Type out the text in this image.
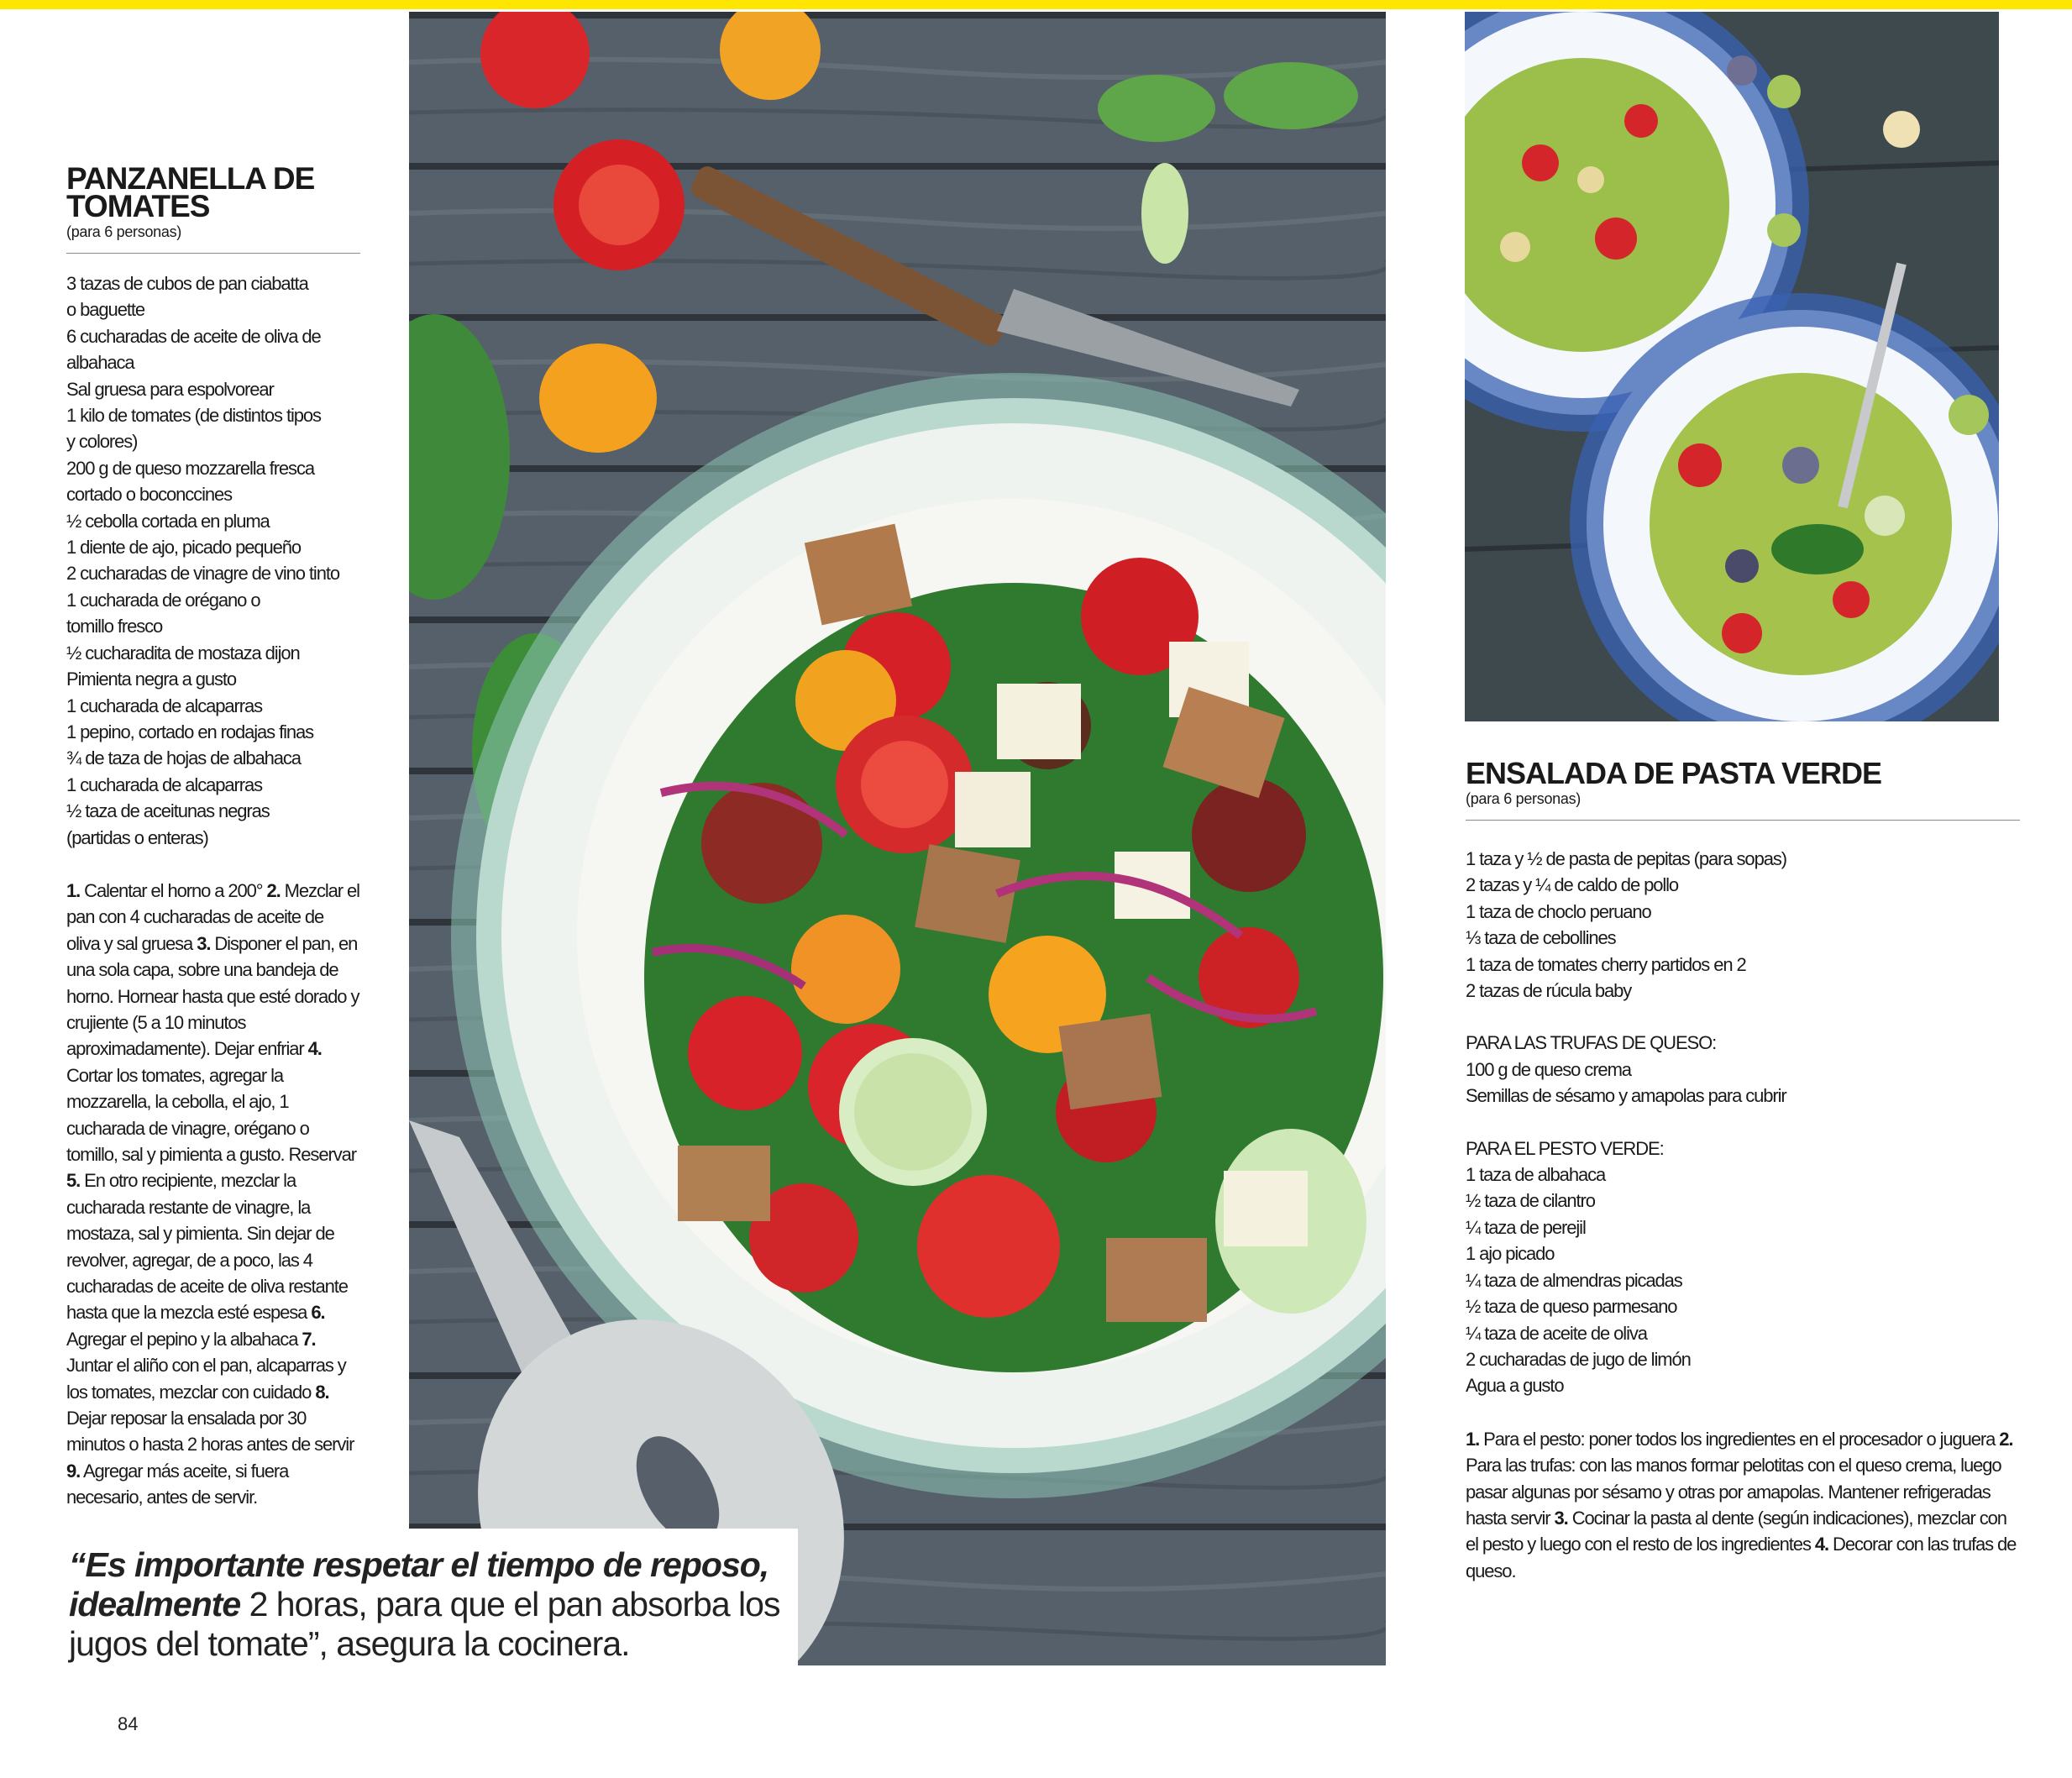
PANZANELLA DE TOMATES
(para 6 personas)
3 tazas de cubos de pan ciabatta
o baguette
6 cucharadas de aceite de oliva de
albahaca
Sal gruesa para espolvorear
1 kilo de tomates (de distintos tipos
y colores)
200 g de queso mozzarella fresca
cortado o boconccines
½ cebolla cortada en pluma
1 diente de ajo, picado pequeño
2 cucharadas de vinagre de vino tinto
1 cucharada de orégano o
tomillo fresco
½ cucharadita de mostaza dijon
Pimienta negra a gusto
1 cucharada de alcaparras
1 pepino, cortado en rodajas finas
¾ de taza de hojas de albahaca
1 cucharada de alcaparras
½ taza de aceitunas negras
(partidas o enteras)

1. Calentar el horno a 200° 2. Mezclar el pan con 4 cucharadas de aceite de oliva y sal gruesa 3. Disponer el pan, en una sola capa, sobre una bandeja de horno. Hornear hasta que esté dorado y crujiente (5 a 10 minutos aproximadamente). Dejar enfriar 4. Cortar los tomates, agregar la mozzarella, la cebolla, el ajo, 1 cucharada de vinagre, orégano o tomillo, sal y pimienta a gusto. Reservar 5. En otro recipiente, mezclar la cucharada restante de vinagre, la mostaza, sal y pimienta. Sin dejar de revolver, agregar, de a poco, las 4 cucharadas de aceite de oliva restante hasta que la mezcla esté espesa 6. Agregar el pepino y la albahaca 7. Juntar el aliño con el pan, alcaparras y los tomates, mezclar con cuidado 8. Dejar reposar la ensalada por 30 minutos o hasta 2 horas antes de servir 9. Agregar más aceite, si fuera necesario, antes de servir.

ENSALADA DE PASTA VERDE
(para 6 personas)
1 taza y ½ de pasta de pepitas (para sopas)
2 tazas y ¼ de caldo de pollo
1 taza de choclo peruano
⅓ taza de cebollines
1 taza de tomates cherry partidos en 2
2 tazas de rúcula baby
PARA LAS TRUFAS DE QUESO:
100 g de queso crema
Semillas de sésamo y amapolas para cubrir
PARA EL PESTO VERDE:
1 taza de albahaca
½ taza de cilantro
¼ taza de perejil
1 ajo picado
¼ taza de almendras picadas
½ taza de queso parmesano
¼ taza de aceite de oliva
2 cucharadas de jugo de limón
Agua a gusto

1. Para el pesto: poner todos los ingredientes en el procesador o juguera 2. Para las trufas: con las manos formar pelotitas con el queso crema, luego pasar algunas por sésamo y otras por amapolas. Mantener refrigeradas hasta servir 3. Cocinar la pasta al dente (según indicaciones), mezclar con el pesto y luego con el resto de los ingredientes 4. Decorar con las trufas de queso.

“Es importante respetar el tiempo de reposo, idealmente 2 horas, para que el pan absorba los jugos del tomate”, asegura la cocinera.
84
